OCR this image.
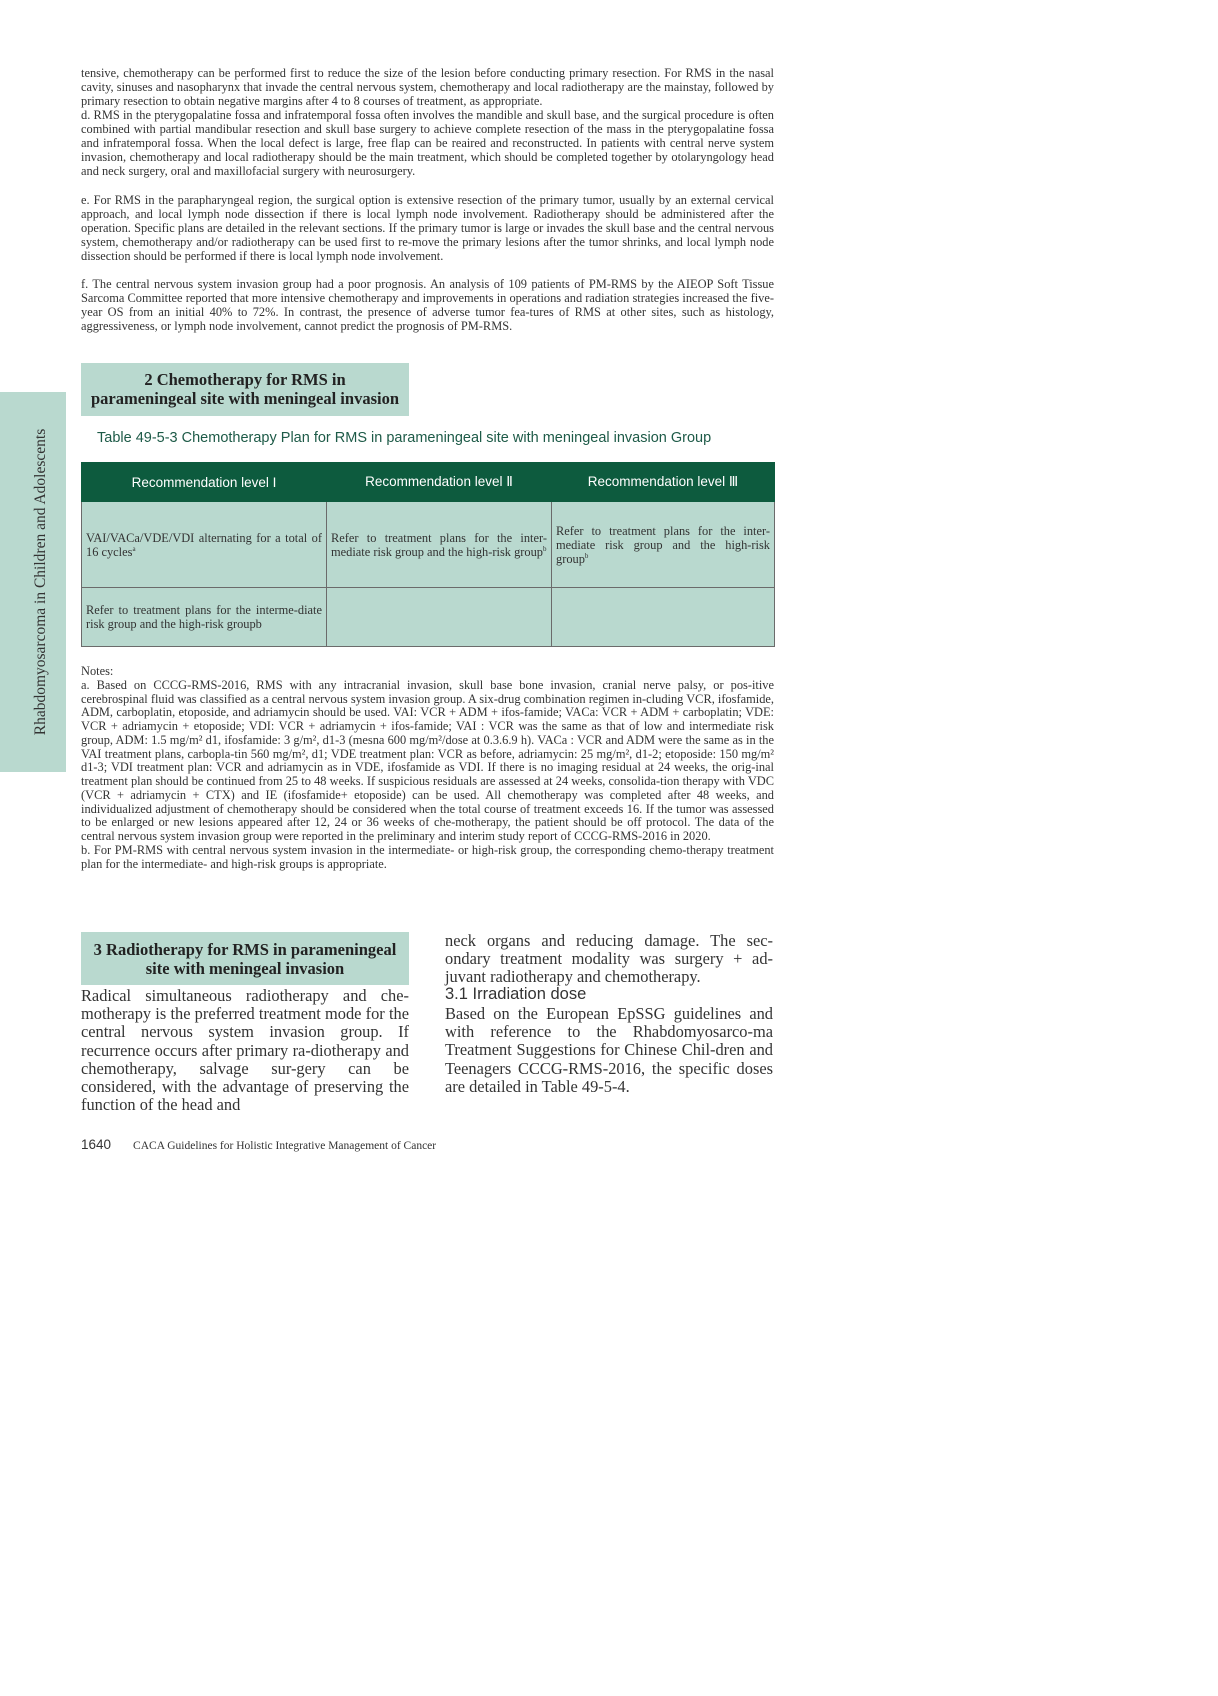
Rhabdomyosarcoma in Children and Adolescents

tensive, chemotherapy can be performed first to reduce the size of the lesion before conducting primary resection. For RMS in the nasal cavity, sinuses and nasopharynx that invade the central nervous system, chemotherapy and local radiotherapy are the mainstay, followed by primary resection to obtain negative margins after 4 to 8 courses of treatment, as appropriate.

d. RMS in the pterygopalatine fossa and infratemporal fossa often involves the mandible and skull base, and the surgical procedure is often combined with partial mandibular resection and skull base surgery to achieve complete resection of the mass in the pterygopalatine fossa and infratemporal fossa. When the local defect is large, free flap can be reaired and reconstructed. In patients with central nerve system invasion, chemotherapy and local radiotherapy should be the main treatment, which should be completed together by otolaryngology head and neck surgery, oral and maxillofacial surgery with neurosurgery.

e. For RMS in the parapharyngeal region, the surgical option is extensive resection of the primary tumor, usually by an external cervical approach, and local lymph node dissection if there is local lymph node involvement. Radiotherapy should be administered after the operation. Specific plans are detailed in the relevant sections. If the primary tumor is large or invades the skull base and the central nervous system, chemotherapy and/or radiotherapy can be used first to re-move the primary lesions after the tumor shrinks, and local lymph node dissection should be performed if there is local lymph node involvement.

f. The central nervous system invasion group had a poor prognosis. An analysis of 109 patients of PM-RMS by the AIEOP Soft Tissue Sarcoma Committee reported that more intensive chemotherapy and improvements in operations and radiation strategies increased the five-year OS from an initial 40% to 72%. In contrast, the presence of adverse tumor fea-tures of RMS at other sites, such as histology, aggressiveness, or lymph node involvement, cannot predict the prognosis of PM-RMS.

2 Chemotherapy for RMS in
parameningeal site with meningeal invasion
Table 49-5-3 Chemotherapy Plan for RMS in parameningeal site with meningeal invasion Group
Recommendation level I	Recommendation level Ⅱ	Recommendation level Ⅲ
VAI/VACa/VDE/VDI alternating for a total of 16 cycles$^a$	Refer to treatment plans for the inter-mediate risk group and the high-risk group$^b$	Refer to treatment plans for the inter-mediate risk group and the high-risk group$^b$
Refer to treatment plans for the interme-diate risk group and the high-risk groupb		

Notes:

a. Based on CCCG-RMS-2016, RMS with any intracranial invasion, skull base bone invasion, cranial nerve palsy, or pos-itive cerebrospinal fluid was classified as a central nervous system invasion group. A six-drug combination regimen in-cluding VCR, ifosfamide, ADM, carboplatin, etoposide, and adriamycin should be used. VAI: VCR + ADM + ifos-famide; VACa: VCR + ADM + carboplatin; VDE: VCR + adriamycin + etoposide; VDI: VCR + adriamycin + ifos-famide; VAI : VCR was the same as that of low and intermediate risk group, ADM: 1.5 mg/m² d1, ifosfamide: 3 g/m², d1-3 (mesna 600 mg/m²/dose at 0.3.6.9 h). VACa : VCR and ADM were the same as in the VAI treatment plans, carbopla-tin 560 mg/m², d1; VDE treatment plan: VCR as before, adriamycin: 25 mg/m², d1-2; etoposide: 150 mg/m² d1-3; VDI treatment plan: VCR and adriamycin as in VDE, ifosfamide as VDI. If there is no imaging residual at 24 weeks, the orig-inal treatment plan should be continued from 25 to 48 weeks. If suspicious residuals are assessed at 24 weeks, consolida-tion therapy with VDC (VCR + adriamycin + CTX) and IE (ifosfamide+ etoposide) can be used. All chemotherapy was completed after 48 weeks, and individualized adjustment of chemotherapy should be considered when the total course of treatment exceeds 16. If the tumor was assessed to be enlarged or new lesions appeared after 12, 24 or 36 weeks of che-motherapy, the patient should be off protocol. The data of the central nervous system invasion group were reported in the preliminary and interim study report of CCCG-RMS-2016 in 2020.

b. For PM-RMS with central nervous system invasion in the intermediate- or high-risk group, the corresponding chemo-therapy treatment plan for the intermediate- and high-risk groups is appropriate.

3 Radiotherapy for RMS in parameningeal
site with meningeal invasion

Radical simultaneous radiotherapy and che-motherapy is the preferred treatment mode for the central nervous system invasion group. If recurrence occurs after primary ra-diotherapy and chemotherapy, salvage sur-gery can be considered, with the advantage of preserving the function of the head and

neck organs and reducing damage. The sec-ondary treatment modality was surgery + ad-juvant radiotherapy and chemotherapy.

3.1 Irradiation dose

Based on the European EpSSG guidelines and with reference to the Rhabdomyosarco-ma Treatment Suggestions for Chinese Chil-dren and Teenagers CCCG-RMS-2016, the specific doses are detailed in Table 49-5-4.

1640 CACA Guidelines for Holistic Integrative Management of Cancer
